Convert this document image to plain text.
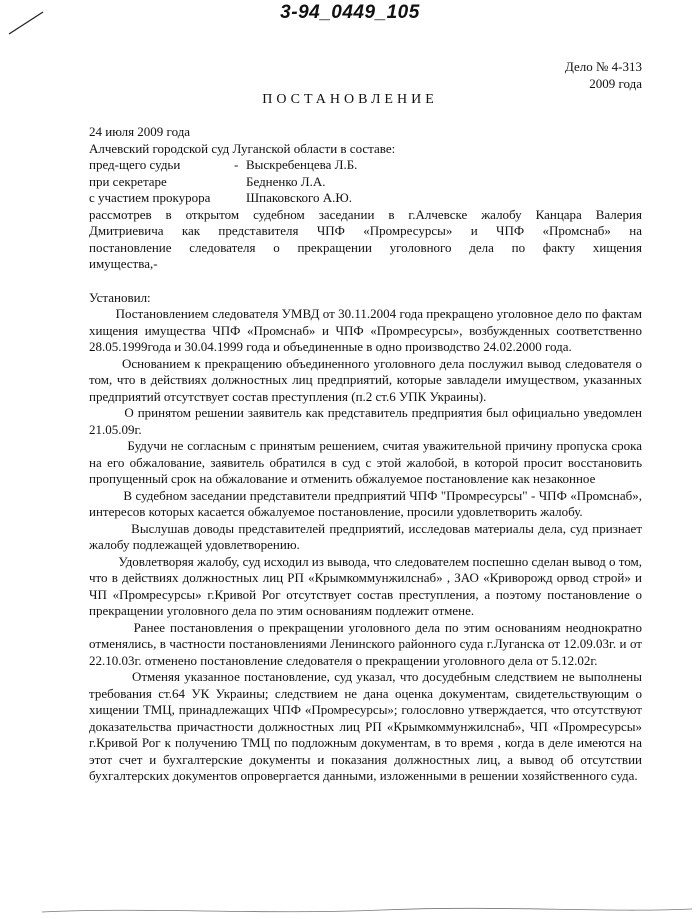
3-94_0449_105
Дело № 4-313
2009 года
ПОСТАНОВЛЕНИЕ

24 июля 2009 года

Алчевский городской суд Луганской области в составе:

пред-щего судьи	- Выскребенцева Л.Б.
при секретаре	Бедненко Л.А.
с участием прокурора	Шпаковского А.Ю.

рассмотрев в открытом судебном заседании в г.Алчевске жалобу Канцара Валерия

Дмитриевича как представителя ЧПФ «Промресурсы» и ЧПФ «Промснаб» на

постановление следователя о прекращении уголовного дела по факту хищения

имущества,-

Установил:

Постановлением следователя УМВД от 30.11.2004 года прекращено уголовное дело по фактам хищения имущества ЧПФ «Промснаб» и ЧПФ «Промресурсы», возбужденных соответственно 28.05.1999года и 30.04.1999 года и объединенные в одно производство 24.02.2000 года.

Основанием к прекращению объединенного уголовного дела послужил вывод следователя о том, что в действиях должностных лиц предприятий, которые завладели имуществом, указанных предприятий отсутствует состав преступления (п.2 ст.6 УПК Украины).

О принятом решении заявитель как представитель предприятия был официально уведомлен 21.05.09г.

Будучи не согласным с принятым решением, считая уважительной причину пропуска срока на его обжалование, заявитель обратился в суд с этой жалобой, в которой просит восстановить пропущенный срок на обжалование и отменить обжалуемое постановление как незаконное

В судебном заседании представители предприятий ЧПФ "Промресурсы" - ЧПФ «Промснаб», интересов которых касается обжалуемое постановление, просили удовлетворить жалобу.

Выслушав доводы представителей предприятий, исследовав материалы дела, суд признает жалобу подлежащей удовлетворению.

Удовлетворяя жалобу, суд исходил из вывода, что следователем поспешно сделан вывод о том, что в действиях должностных лиц РП «Крымкоммунжилснаб» , ЗАО «Криворожд орвод строй» и ЧП «Промресурсы» г.Кривой Рог отсутствует состав преступления, а поэтому постановление о прекращении уголовного дела по этим основаниям подлежит отмене.

Ранее постановления о прекращении уголовного дела по этим основаниям неоднократно отменялись, в частности постановлениями Ленинского районного суда г.Луганска от 12.09.03г. и от 22.10.03г. отменено постановление следователя о прекращении уголовного дела от 5.12.02г.

Отменяя указанное постановление, суд указал, что досудебным следствием не выполнены требования ст.64 УК Украины; следствием не дана оценка документам, свидетельствующим о хищении ТМЦ, принадлежащих ЧПФ «Промресурсы»; голословно утверждается, что отсутствуют доказательства причастности должностных лиц РП «Крымкоммунжилснаб», ЧП «Промресурсы» г.Кривой Рог к получению ТМЦ по подложным документам, в то время , когда в деле имеются на этот счет и бухгалтерские документы и показания должностных лиц, а вывод об отсутствии бухгалтерских документов опровергается данными, изложенными в решении хозяйственного суда.
